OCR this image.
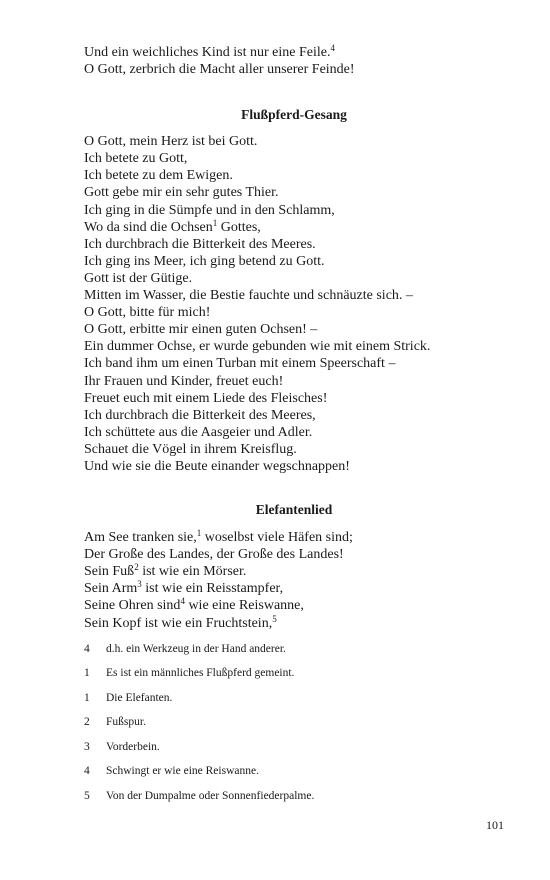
Und ein weichliches Kind ist nur eine Feile.$^4$
O Gott, zerbrich die Macht aller unserer Feinde!
Flußpferd-Gesang
O Gott, mein Herz ist bei Gott.
Ich betete zu Gott,
Ich betete zu dem Ewigen.
Gott gebe mir ein sehr gutes Thier.
Ich ging in die Sümpfe und in den Schlamm,
Wo da sind die Ochsen$^1$ Gottes,
Ich durchbrach die Bitterkeit des Meeres.
Ich ging ins Meer, ich ging betend zu Gott.
Gott ist der Gütige.
Mitten im Wasser, die Bestie fauchte und schnäuzte sich. –
O Gott, bitte für mich!
O Gott, erbitte mir einen guten Ochsen! –
Ein dummer Ochse, er wurde gebunden wie mit einem Strick.
Ich band ihm um einen Turban mit einem Speerschaft –
Ihr Frauen und Kinder, freuet euch!
Freuet euch mit einem Liede des Fleisches!
Ich durchbrach die Bitterkeit des Meeres,
Ich schüttete aus die Aasgeier und Adler.
Schauet die Vögel in ihrem Kreisflug.
Und wie sie die Beute einander wegschnappen!
Elefantenlied
Am See tranken sie,$^1$ woselbst viele Häfen sind;
Der Große des Landes, der Große des Landes!
Sein Fuß$^2$ ist wie ein Mörser.
Sein Arm$^3$ ist wie ein Reisstampfer,
Seine Ohren sind$^4$ wie eine Reiswanne,
Sein Kopf ist wie ein Fruchtstein,$^5$
4	d.h. ein Werkzeug in der Hand anderer.
1	Es ist ein männliches Flußpferd gemeint.
1	Die Elefanten.
2	Fußspur.
3	Vorderbein.
4	Schwingt er wie eine Reiswanne.
5	Von der Dumpalme oder Sonnenfiederpalme.
101
